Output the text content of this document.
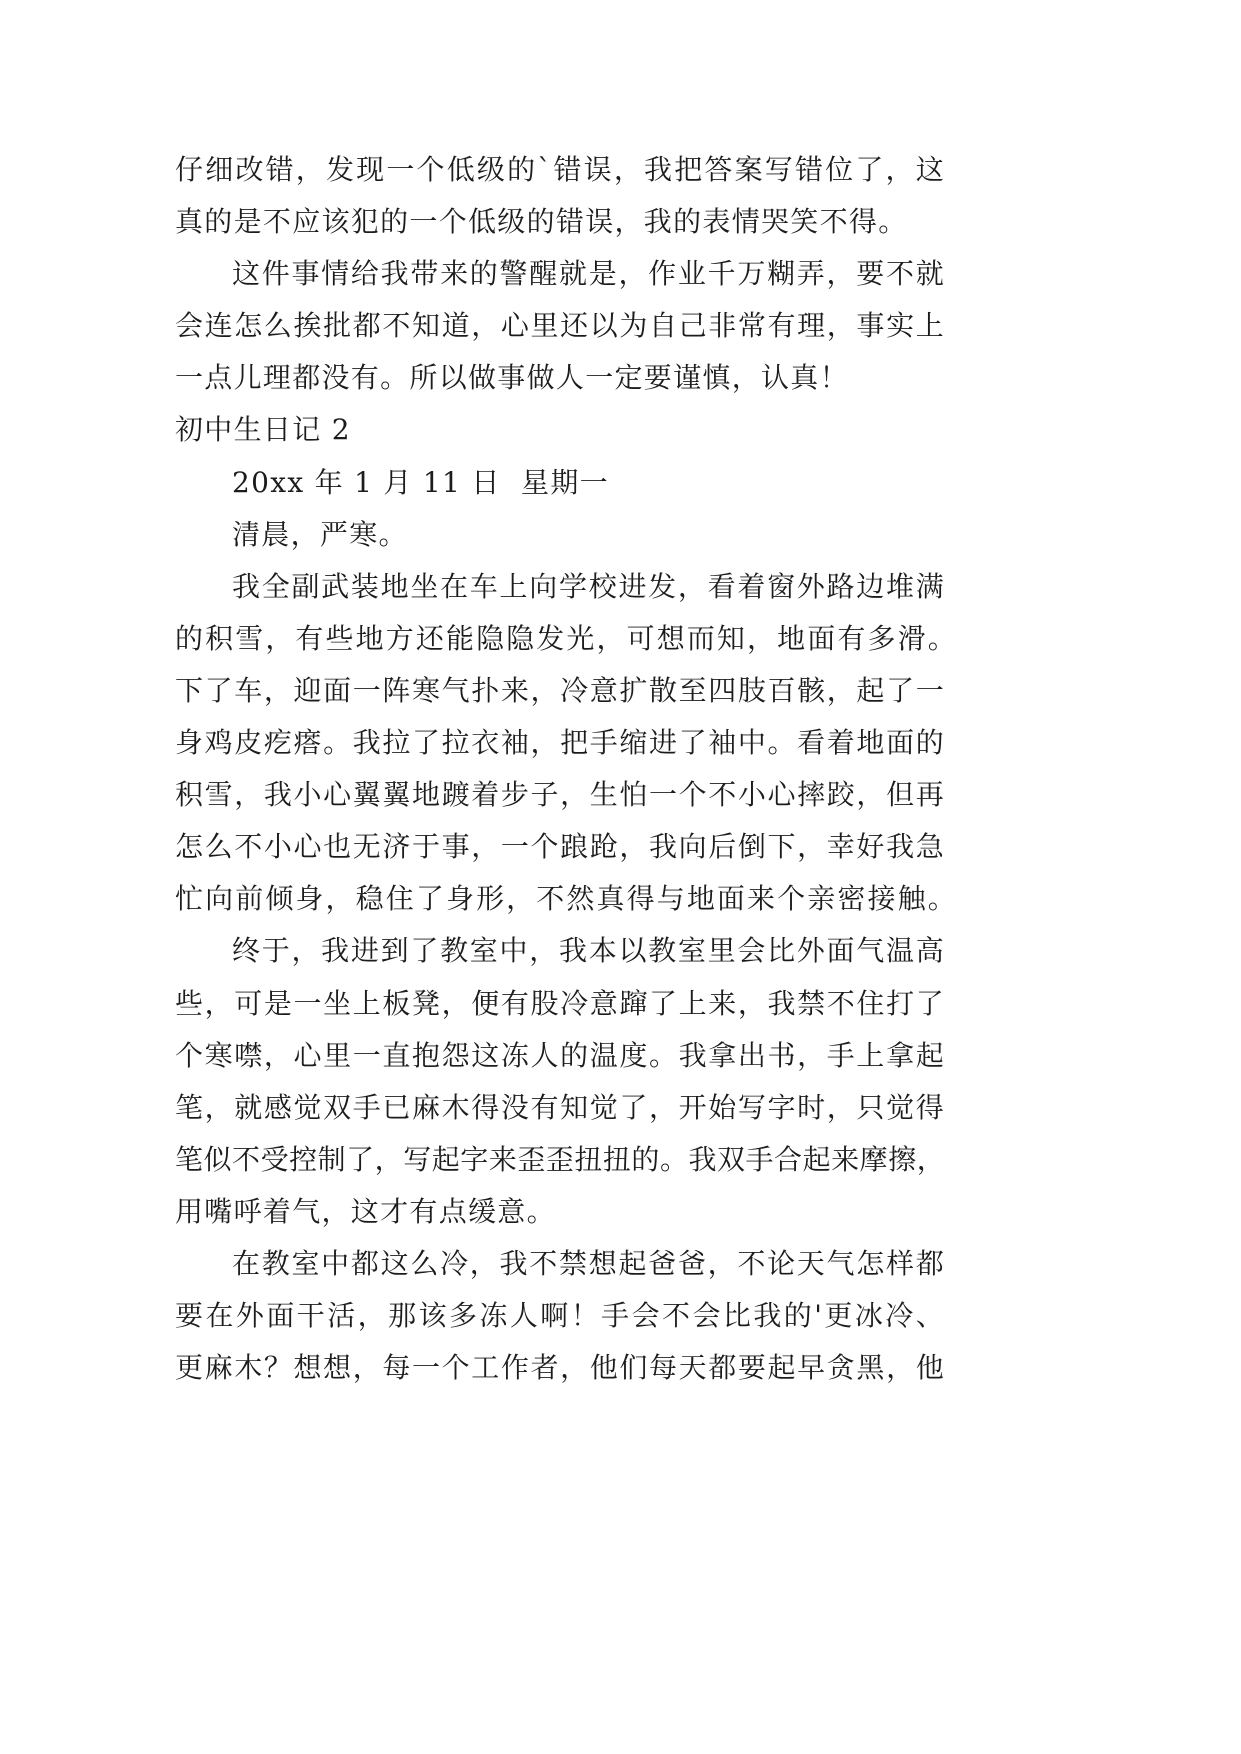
仔细改错，发现一个低级的`错误，我把答案写错位了，这
真的是不应该犯的一个低级的错误，我的表情哭笑不得。
这件事情给我带来的警醒就是，作业千万糊弄，要不就
会连怎么挨批都不知道，心里还以为自己非常有理，事实上
一点儿理都没有。所以做事做人一定要谨慎，认真！
初中生日记 2
20xx 年 1 月 11 日  星期一
清晨，严寒。
我全副武装地坐在车上向学校进发，看着窗外路边堆满
的积雪，有些地方还能隐隐发光，可想而知，地面有多滑。
下了车，迎面一阵寒气扑来，冷意扩散至四肢百骸，起了一
身鸡皮疙瘩。我拉了拉衣袖，把手缩进了袖中。看着地面的
积雪，我小心翼翼地踱着步子，生怕一个不小心摔跤，但再
怎么不小心也无济于事，一个踉跄，我向后倒下，幸好我急
忙向前倾身，稳住了身形，不然真得与地面来个亲密接触。
终于，我进到了教室中，我本以教室里会比外面气温高
些，可是一坐上板凳，便有股冷意蹿了上来，我禁不住打了
个寒噤，心里一直抱怨这冻人的温度。我拿出书，手上拿起
笔，就感觉双手已麻木得没有知觉了，开始写字时，只觉得
笔似不受控制了，写起字来歪歪扭扭的。我双手合起来摩擦，
用嘴呼着气，这才有点缓意。
在教室中都这么冷，我不禁想起爸爸，不论天气怎样都
要在外面干活，那该多冻人啊！手会不会比我的'更冰冷、
更麻木？想想，每一个工作者，他们每天都要起早贪黑，他
